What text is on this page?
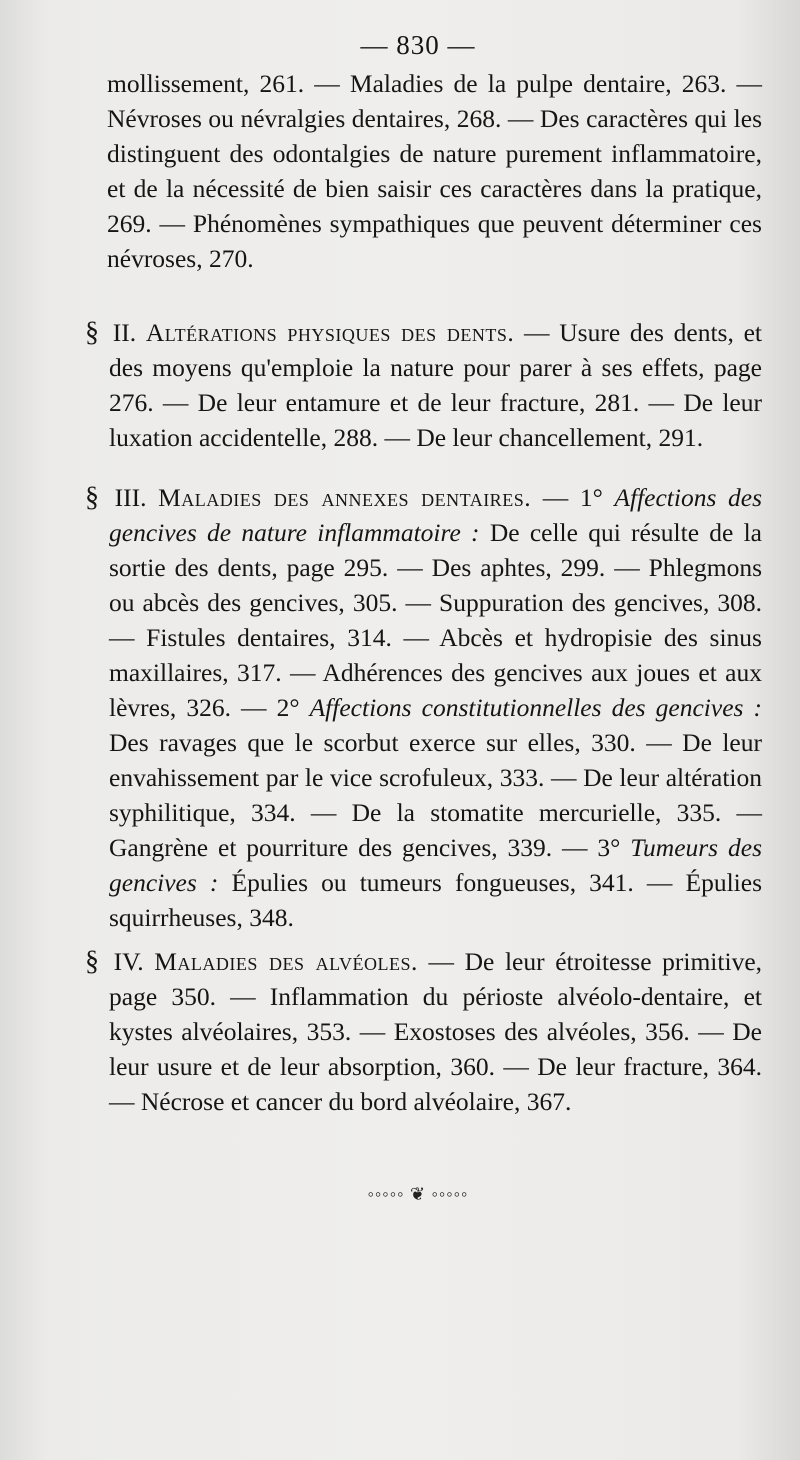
— 830 —
mollissement, 261. — Maladies de la pulpe dentaire, 263. — Névroses ou névralgies dentaires, 268. — Des caractères qui les distinguent des odontalgies de nature purement inflammatoire, et de la nécessité de bien saisir ces caractères dans la pratique, 269. — Phénomènes sympathiques que peuvent déterminer ces névroses, 270.
§ II. Altérations physiques des dents. — Usure des dents, et des moyens qu'emploie la nature pour parer à ses effets, page 276. — De leur entamure et de leur fracture, 281. — De leur luxation accidentelle, 288. — De leur chancellement, 291.
§ III. Maladies des annexes dentaires. — 1° Affections des gencives de nature inflammatoire : De celle qui résulte de la sortie des dents, page 295. — Des aphtes, 299. — Phlegmons ou abcès des gencives, 305. — Suppuration des gencives, 308. — Fistules dentaires, 314. — Abcès et hydropisie des sinus maxillaires, 317. — Adhérences des gencives aux joues et aux lèvres, 326. — 2° Affections constitutionnelles des gencives : Des ravages que le scorbut exerce sur elles, 330. — De leur envahissement par le vice scrofuleux, 333. — De leur altération syphilitique, 334. — De la stomatite mercurielle, 335. — Gangrène et pourriture des gencives, 339. — 3° Tumeurs des gencives : Épulies ou tumeurs fongueuses, 341. — Épulies squirrheuses, 348.
§ IV. Maladies des alvéoles. — De leur étroitesse primitive, page 350. — Inflammation du périoste alvéolo-dentaire, et kystes alvéolaires, 353. — Exostoses des alvéoles, 356. — De leur usure et de leur absorption, 360. — De leur fracture, 364. — Nécrose et cancer du bord alvéolaire, 367.
◦◦◦◦◦ ❦ ◦◦◦◦◦
